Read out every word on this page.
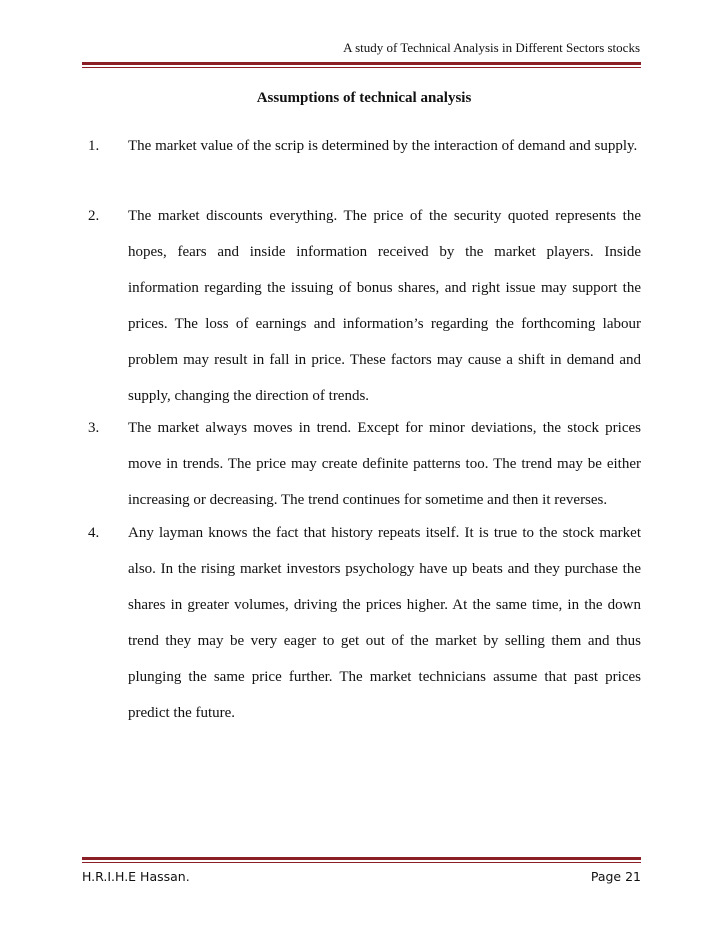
A study of Technical Analysis in Different Sectors stocks
Assumptions of technical analysis
1.	The market value of the scrip is determined by the interaction of demand and supply.
2.	The market discounts everything. The price of the security quoted represents the hopes, fears and inside information received by the market players. Inside information regarding the issuing of bonus shares, and right issue may support the prices. The loss of earnings and information’s regarding the forthcoming labour problem may result in fall in price. These factors may cause a shift in demand and supply, changing the direction of trends.
3.	The market always moves in trend. Except for minor deviations, the stock prices move in trends. The price may create definite patterns too. The trend may be either increasing or decreasing. The trend continues for sometime and then it reverses.
4.	Any layman knows the fact that history repeats itself. It is true to the stock market also. In the rising market investors psychology have up beats and they purchase the shares in greater volumes, driving the prices higher. At the same time, in the down trend they may be very eager to get out of the market by selling them and thus plunging the same price further. The market technicians assume that past prices predict the future.
H.R.I.H.E Hassan.	Page 21
